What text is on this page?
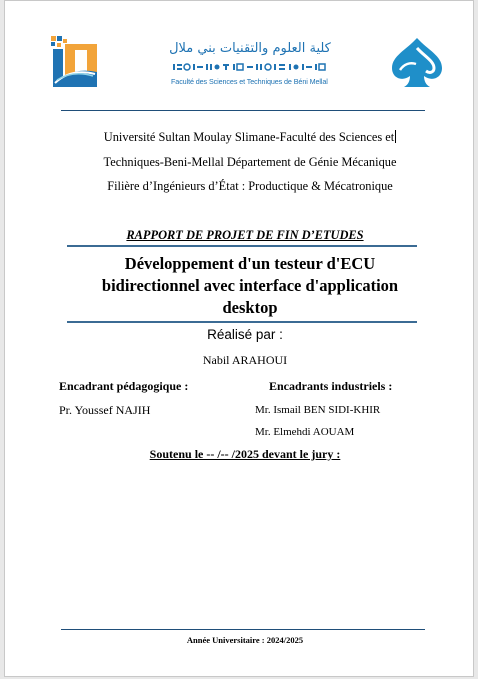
كلية العلوم والتقنيات بني ملال
Faculté des Sciences et Techniques de Béni Mellal
Université Sultan Moulay Slimane-Faculté des Sciences et
Techniques-Beni-Mellal Département de Génie Mécanique
Filière d’Ingénieurs d’État : Productique & Mécatronique
RAPPORT DE PROJET DE FIN D’ETUDES
Développement d'un testeur d'ECU
bidirectionnel avec interface d'application
desktop
Réalisé par :
Nabil ARAHOUI
Encadrant pédagogique :	Encadrants industriels :
Pr. Youssef NAJIH	Mr. Ismail BEN SIDI-KHIR
Mr. Elmehdi AOUAM
Soutenu le -- /-- /2025 devant le jury :
Année Universitaire : 2024/2025
